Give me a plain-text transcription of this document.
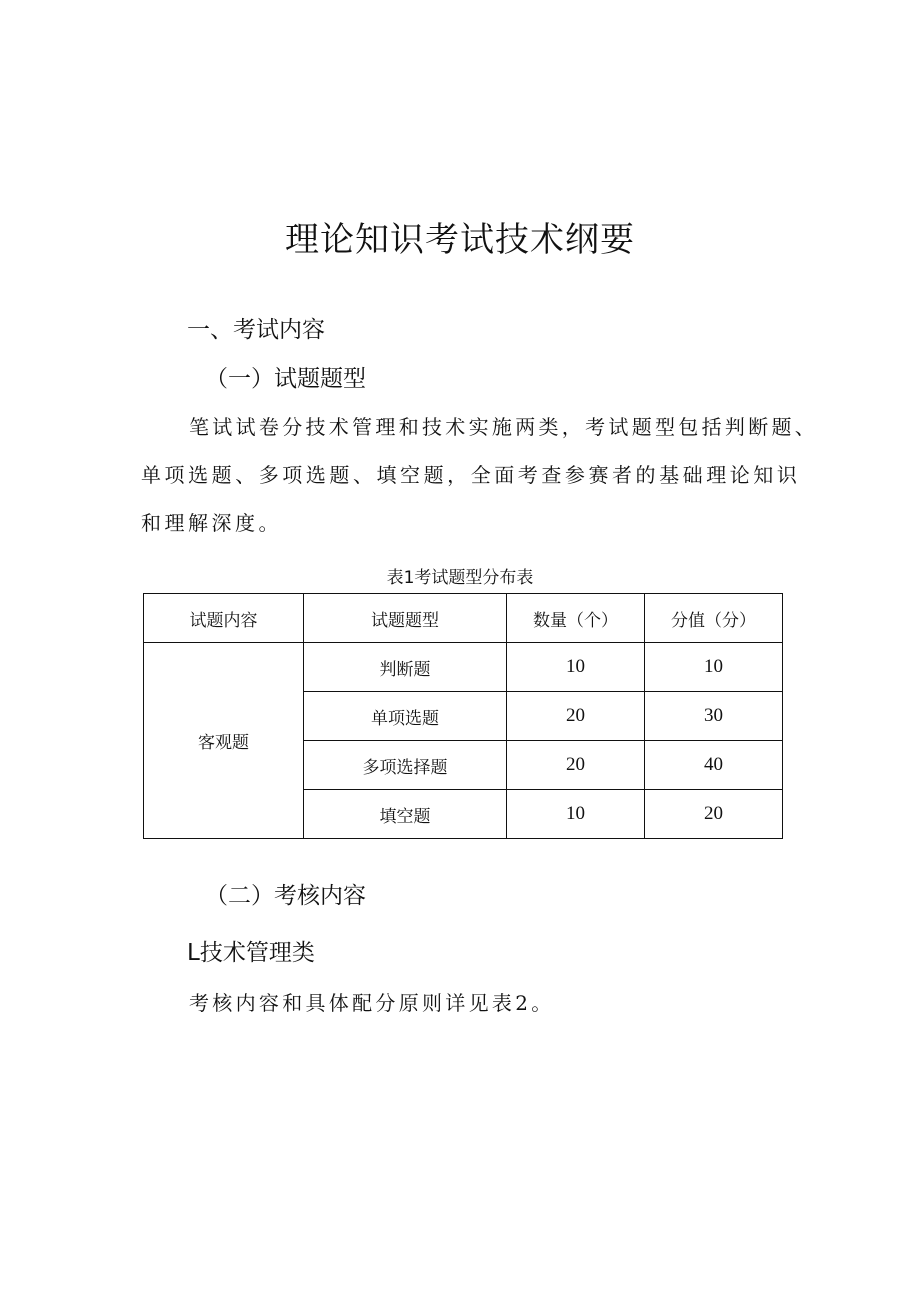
理论知识考试技术纲要
一、考试内容
（一）试题题型
笔试试卷分技术管理和技术实施两类，考试题型包括判断题、
单项选题、多项选题、填空题，全面考查参赛者的基础理论知识
和理解深度。
表1考试题型分布表
试题内容	试题题型	数量（个）	分值（分）
客观题	判断题	10	10
	单项选题	20	30
	多项选择题	20	40
	填空题	10	20
（二）考核内容
L技术管理类
考核内容和具体配分原则详见表2。
